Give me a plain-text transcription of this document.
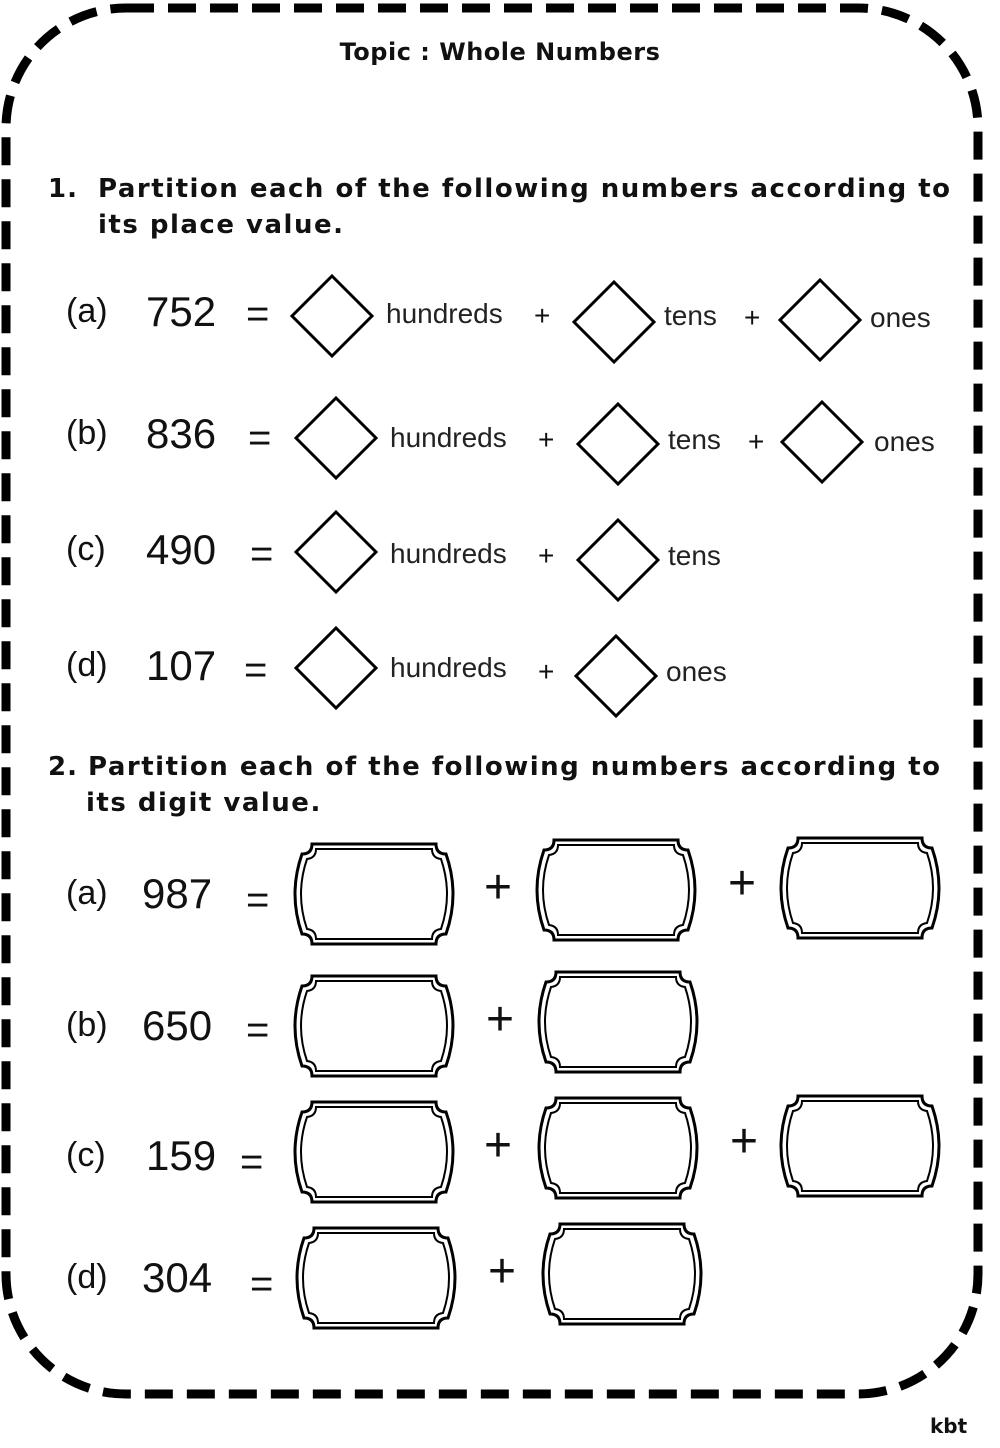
Topic : Whole Numbers
1. Partition each of the following numbers according to
its place value.
(a) 752 =	hundreds +	tens +	ones
(b) 836 =	hundreds +	tens +	ones
(c) 490 =	hundreds +	tens
(d) 107 =	hundreds +	ones
2. Partition each of the following numbers according to
its digit value.
(a) 987 =	+	+
(b) 650 =	+
(c) 159 =	+	+
(d) 304 =	+
kbt
